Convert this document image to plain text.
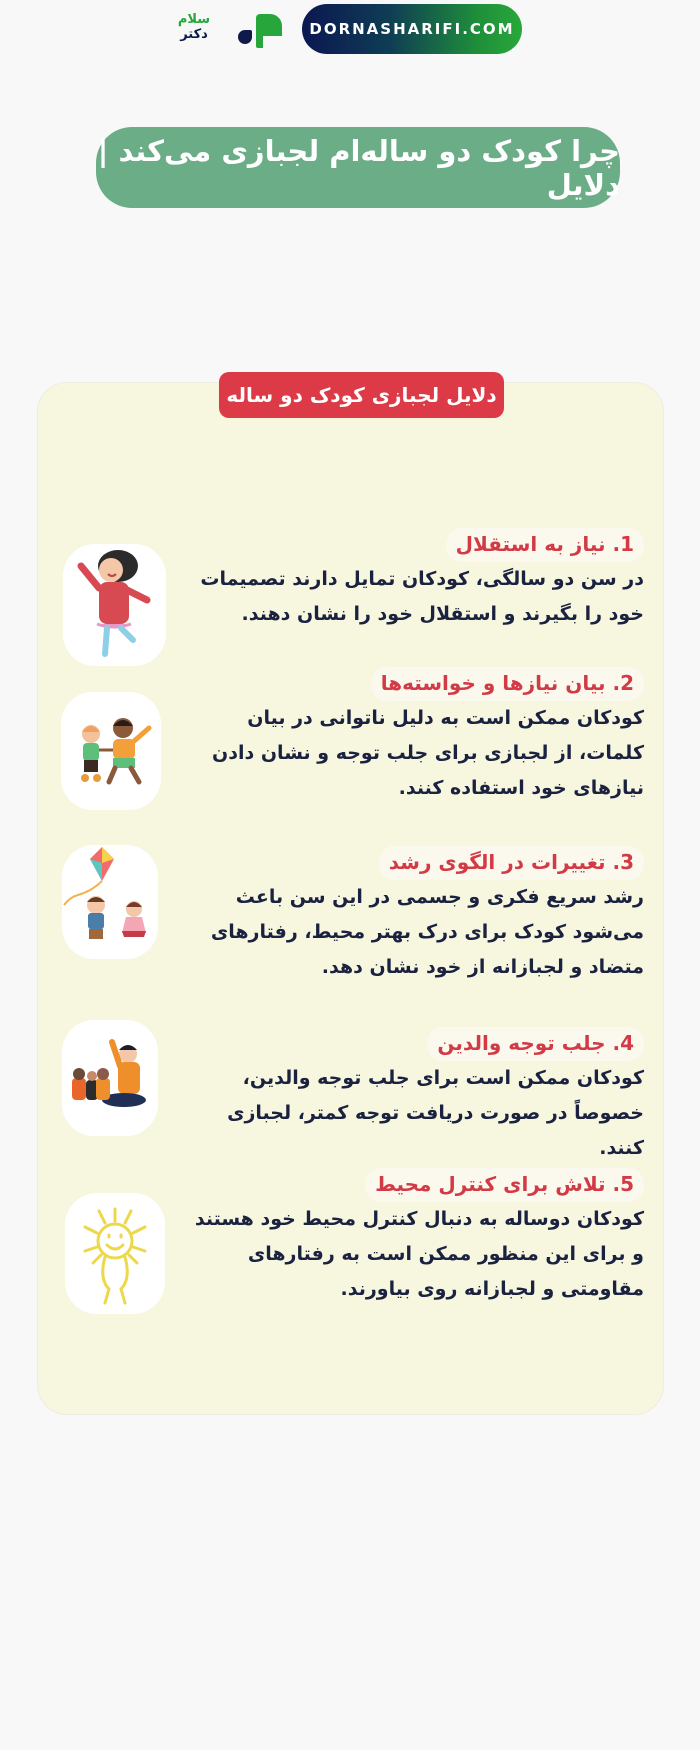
سلام
دکتر	DORNASHARIFI.COM
چرا کودک دو ساله‌ام لجبازی می‌کند | دلایل
دلایل لجبازی کودک دو ساله
1. نیاز به استقلال
در سن دو سالگی، کودکان تمایل دارند تصمیمات خود را بگیرند و استقلال خود را نشان دهند.
2. بیان نیازها و خواسته‌ها
کودکان ممکن است به دلیل ناتوانی در بیان کلمات، از لجبازی برای جلب توجه و نشان دادن نیازهای خود استفاده کنند.
3. تغییرات در الگوی رشد
رشد سریع فکری و جسمی در این سن باعث می‌شود کودک برای درک بهتر محیط، رفتارهای متضاد و لجبازانه از خود نشان دهد.
4. جلب توجه والدین
کودکان ممکن است برای جلب توجه والدین، خصوصاً در صورت دریافت توجه کمتر، لجبازی کنند.
5. تلاش برای کنترل محیط
کودکان دوساله به دنبال کنترل محیط خود هستند و برای این منظور ممکن است به رفتارهای مقاومتی و لجبازانه روی بیاورند.
